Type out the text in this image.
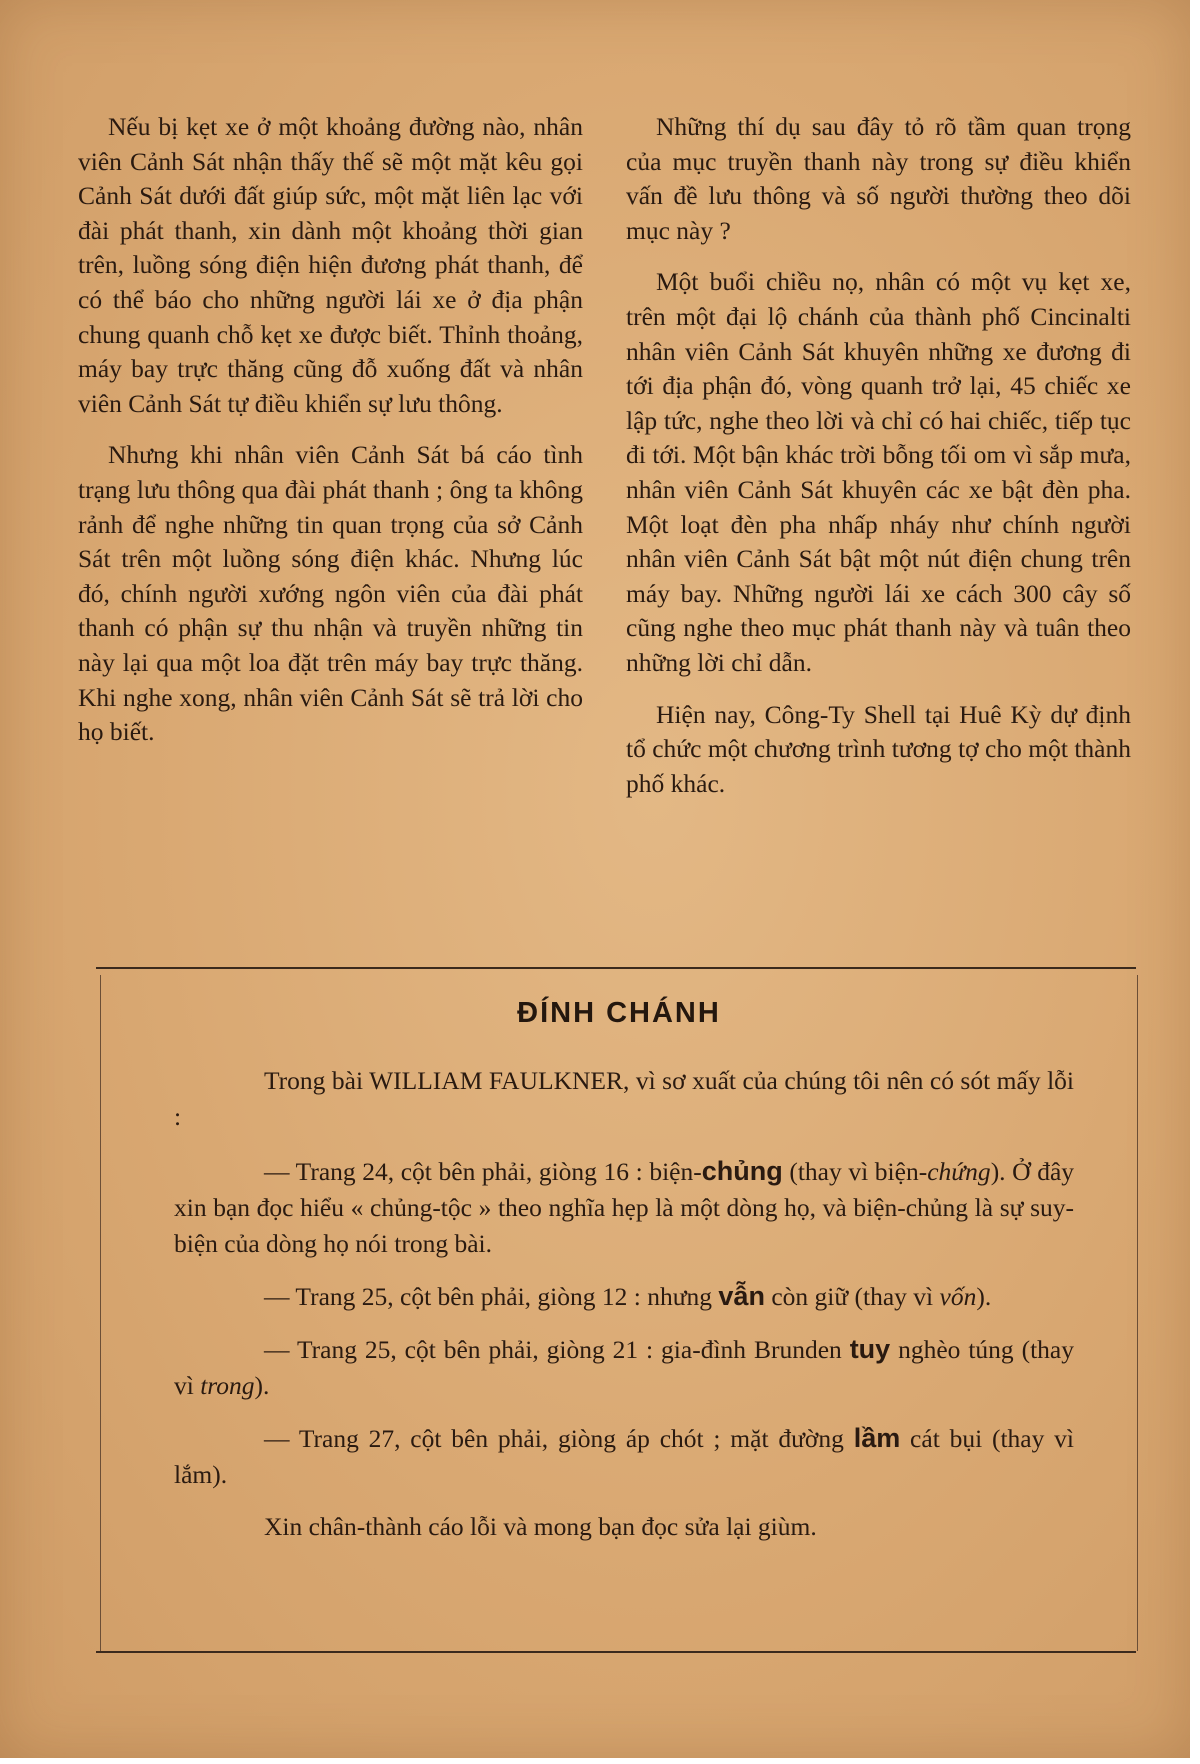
Nếu bị kẹt xe ở một khoảng đường nào, nhân viên Cảnh Sát nhận thấy thế sẽ một mặt kêu gọi Cảnh Sát dưới đất giúp sức, một mặt liên lạc với đài phát thanh, xin dành một khoảng thời gian trên, luồng sóng điện hiện đương phát thanh, để có thể báo cho những người lái xe ở địa phận chung quanh chỗ kẹt xe được biết. Thỉnh thoảng, máy bay trực thăng cũng đỗ xuống đất và nhân viên Cảnh Sát tự điều khiển sự lưu thông.

Nhưng khi nhân viên Cảnh Sát bá cáo tình trạng lưu thông qua đài phát thanh ; ông ta không rảnh để nghe những tin quan trọng của sở Cảnh Sát trên một luồng sóng điện khác. Nhưng lúc đó, chính người xướng ngôn viên của đài phát thanh có phận sự thu nhận và truyền những tin này lại qua một loa đặt trên máy bay trực thăng. Khi nghe xong, nhân viên Cảnh Sát sẽ trả lời cho họ biết.

Những thí dụ sau đây tỏ rõ tầm quan trọng của mục truyền thanh này trong sự điều khiển vấn đề lưu thông và số người thường theo dõi mục này ?

Một buổi chiều nọ, nhân có một vụ kẹt xe, trên một đại lộ chánh của thành phố Cincinalti nhân viên Cảnh Sát khuyên những xe đương đi tới địa phận đó, vòng quanh trở lại, 45 chiếc xe lập tức, nghe theo lời và chỉ có hai chiếc, tiếp tục đi tới. Một bận khác trời bỗng tối om vì sắp mưa, nhân viên Cảnh Sát khuyên các xe bật đèn pha. Một loạt đèn pha nhấp nháy như chính người nhân viên Cảnh Sát bật một nút điện chung trên máy bay. Những người lái xe cách 300 cây số cũng nghe theo mục phát thanh này và tuân theo những lời chỉ dẫn.

Hiện nay, Công-Ty Shell tại Huê Kỳ dự định tổ chức một chương trình tương tợ cho một thành phố khác.

ĐÍNH CHÁNH

Trong bài WILLIAM FAULKNER, vì sơ xuất của chúng tôi nên có sót mấy lỗi :

— Trang 24, cột bên phải, giòng 16 : biện-chủng (thay vì biện-chứng). Ở đây xin bạn đọc hiểu « chủng-tộc » theo nghĩa hẹp là một dòng họ, và biện-chủng là sự suy-biện của dòng họ nói trong bài.

— Trang 25, cột bên phải, giòng 12 : nhưng vẫn còn giữ (thay vì vốn).

— Trang 25, cột bên phải, giòng 21 : gia-đình Brunden tuy nghèo túng (thay vì trong).

— Trang 27, cột bên phải, giòng áp chót ; mặt đường lầm cát bụi (thay vì lắm).

Xin chân-thành cáo lỗi và mong bạn đọc sửa lại giùm.
